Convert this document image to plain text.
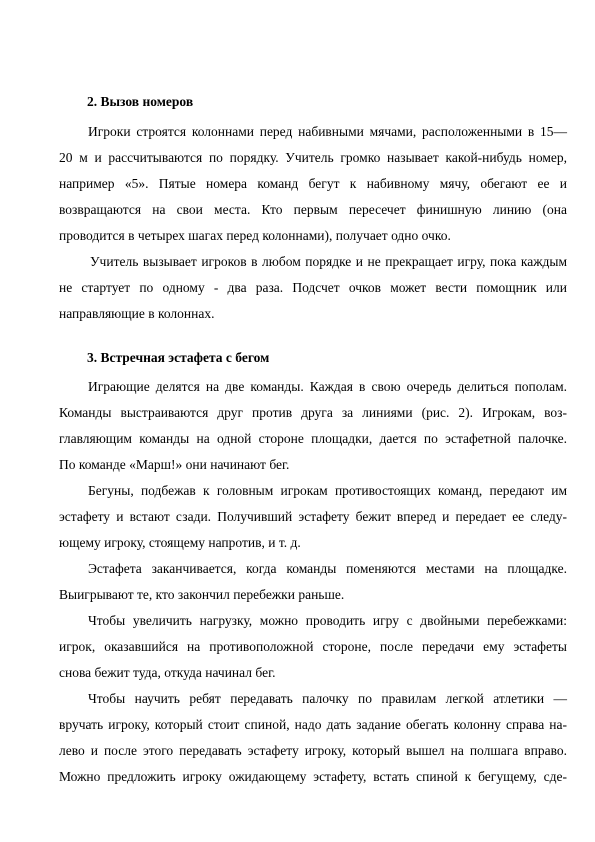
2. Вызов номеров
Игроки строятся колоннами перед набивными мячами, расположенными в 15—
20 м и рассчитываются по порядку. Учитель громко называет какой-нибудь номер,
например «5». Пятые номера команд бегут к набивному мячу, обегают ее и
возвращаются на свои места. Кто первым пересечет финишную линию (она
проводится в четырех шагах перед колоннами), получает одно очко.
Учитель вызывает игроков в любом порядке и не прекращает игру, пока каждым
не стартует по одному - два раза. Подсчет очков может вести помощник или
направляющие в колоннах.
3. Встречная эстафета с бегом
Играющие делятся на две команды. Каждая в свою очередь делиться пополам.
Команды выстраиваются друг против друга за линиями (рис. 2). Игрокам, воз-
главляющим команды на одной стороне площадки, дается по эстафетной палочке.
По команде «Марш!» они начинают бег.
Бегуны, подбежав к головным игрокам противостоящих команд, передают им
эстафету и встают сзади. Получивший эстафету бежит вперед и передает ее следу-
ющему игроку, стоящему напротив, и т. д.
Эстафета заканчивается, когда команды поменяются местами на площадке.
Выигрывают те, кто закончил перебежки раньше.
Чтобы увеличить нагрузку, можно проводить игру с двойными перебежками:
игрок, оказавшийся на противоположной стороне, после передачи ему эстафеты
снова бежит туда, откуда начинал бег.
Чтобы научить ребят передавать палочку по правилам легкой атлетики —
вручать игроку, который стоит спиной, надо дать задание обегать колонну справа на-
лево и после этого передавать эстафету игроку, который вышел на полшага вправо.
Можно предложить игроку ожидающему эстафету, встать спиной к бегущему, сде-
